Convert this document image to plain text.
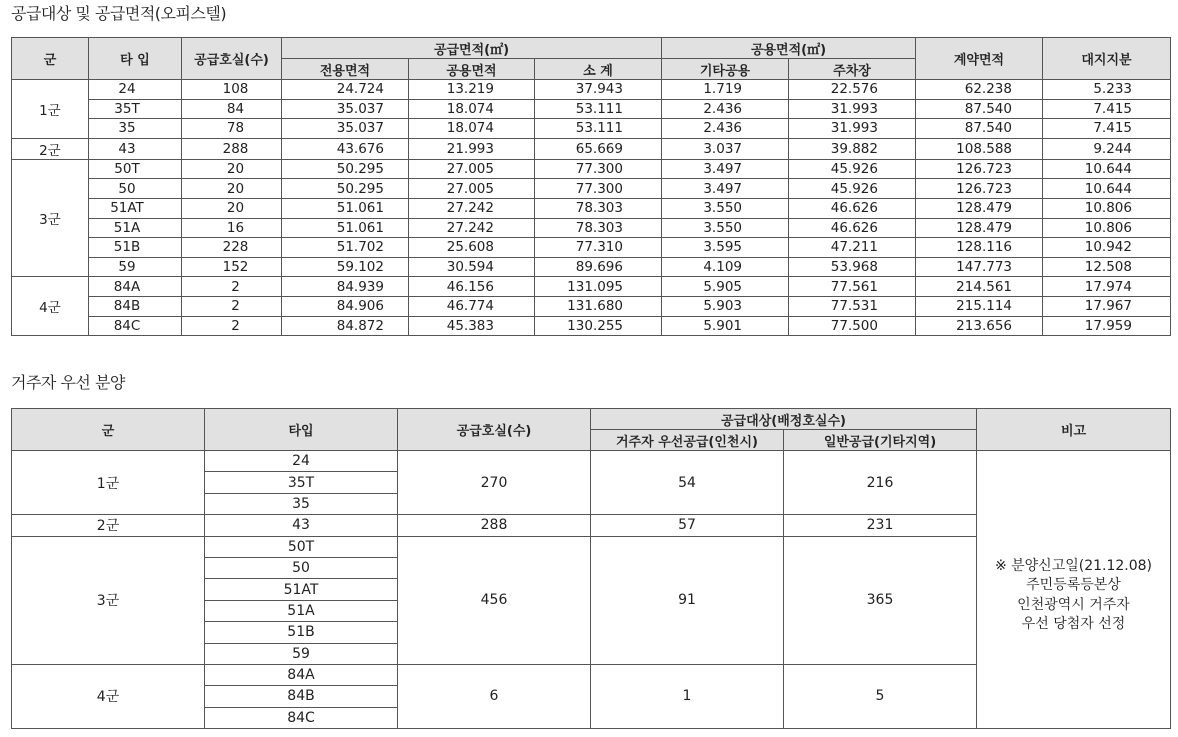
공급대상 및 공급면적(오피스텔)
군	타 입	공급호실(수)	공급면적(㎡)			공용면적(㎡)		계약면적	대지지분
			전용면적	공용면적	소 계	기타공용	주차장		
1군	24	108	24.724	13.219	37.943	1.719	22.576	62.238	5.233
	35T	84	35.037	18.074	53.111	2.436	31.993	87.540	7.415
	35	78	35.037	18.074	53.111	2.436	31.993	87.540	7.415
2군	43	288	43.676	21.993	65.669	3.037	39.882	108.588	9.244
3군	50T	20	50.295	27.005	77.300	3.497	45.926	126.723	10.644
	50	20	50.295	27.005	77.300	3.497	45.926	126.723	10.644
	51AT	20	51.061	27.242	78.303	3.550	46.626	128.479	10.806
	51A	16	51.061	27.242	78.303	3.550	46.626	128.479	10.806
	51B	228	51.702	25.608	77.310	3.595	47.211	128.116	10.942
	59	152	59.102	30.594	89.696	4.109	53.968	147.773	12.508
4군	84A	2	84.939	46.156	131.095	5.905	77.561	214.561	17.974
	84B	2	84.906	46.774	131.680	5.903	77.531	215.114	17.967
	84C	2	84.872	45.383	130.255	5.901	77.500	213.656	17.959
거주자 우선 분양
군	타입	공급호실(수)	공급대상(배정호실수)		비고
			거주자 우선공급(인천시)	일반공급(기타지역)	
1군	24	270	54	216	※ 분양신고일(21.12.08)
주민등록등본상
인천광역시 거주자
우선 당첨자 선정
	35T				
	35				
2군	43	288	57	231	
3군	50T	456	91	365	
	50				
	51AT				
	51A				
	51B				
	59				
4군	84A	6	1	5	
	84B				
	84C				
